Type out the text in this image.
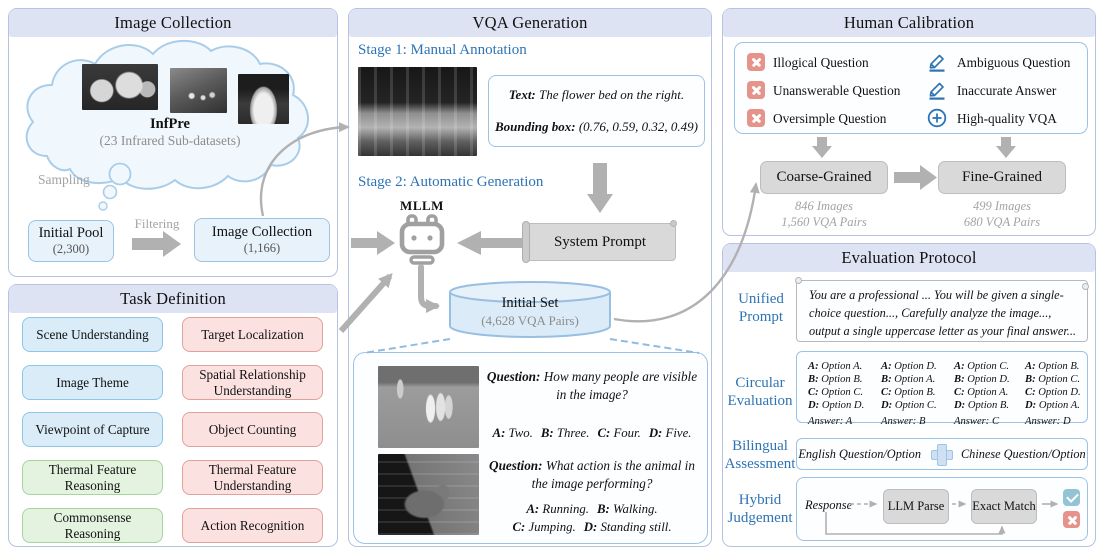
Image Collection
InfPre
(23 Infrared Sub-datasets)
Sampling
Initial Pool
(2,300)
Filtering
Image Collection
(1,166)
Task Definition
Scene Understanding
Image Theme
Viewpoint of Capture
Thermal Feature Reasoning
Commonsense Reasoning
Target Localization
Spatial Relationship Understanding
Object Counting
Thermal Feature Understanding
Action Recognition
VQA Generation
Stage 1: Manual Annotation
Text: The flower bed on the right.
Bounding box: (0.76, 0.59, 0.32, 0.49)
Stage 2: Automatic Generation
MLLM
System Prompt
Initial Set
(4,628 VQA Pairs)
Question: How many people are visible in the image?
A: Two. B: Three. C: Four. D: Five.
Question: What action is the animal in the image performing?
A: Running. B: Walking. C: Jumping. D: Standing still.
Human Calibration
Illogical Question
Unanswerable Question
Oversimple Question
Ambiguous Question
Inaccurate Answer
High-quality VQA
Coarse-Grained	Fine-Grained
846 Images
1,560 VQA Pairs
499 Images
680 VQA Pairs
Evaluation Protocol
Unified Prompt
You are a professional ... You will be given a single-choice question..., Carefully analyze the image..., output a single uppercase letter as your final answer...
Circular Evaluation
A: Option A.
B: Option B.
C: Option C.
D: Option D.
Answer: A
A: Option D.
B: Option A.
C: Option B.
D: Option C.
Answer: B
A: Option C.
B: Option D.
C: Option A.
D: Option B.
Answer: C
A: Option B.
B: Option C.
C: Option D.
D: Option A.
Answer: D
Bilingual Assessment
English Question/Option	Chinese Question/Option
Hybrid Judgement
Response	LLM Parse	Exact Match
